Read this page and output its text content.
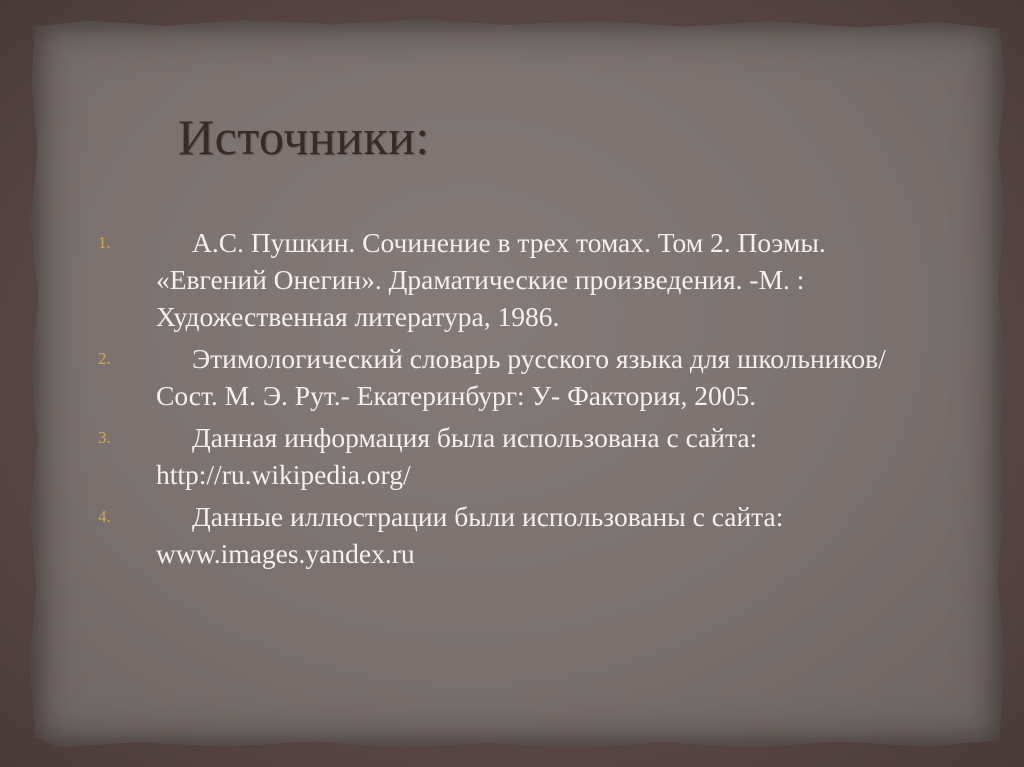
Источники:
1.	А.С. Пушкин. Сочинение в трех томах. Том 2. Поэмы. «Евгений Онегин». Драматические произведения. -М. : Художественная литература, 1986.
2.	Этимологический словарь русского языка для школьников/ Сост. М. Э. Рут.- Екатеринбург: У- Фактория, 2005.
3.	Данная информация была использована с сайта: http://ru.wikipedia.org/
4.	Данные иллюстрации были использованы с сайта: www.images.yandex.ru
